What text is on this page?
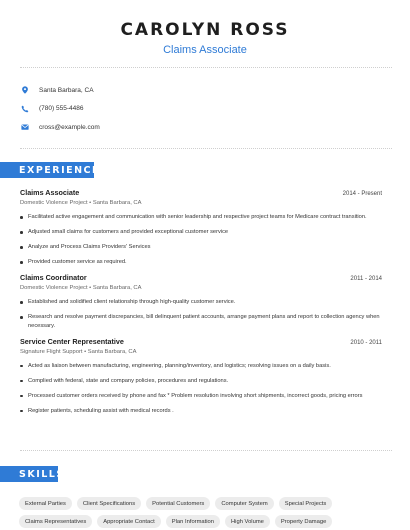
CAROLYN ROSS
Claims Associate
Santa Barbara, CA
(780) 555-4486
cross@example.com
EXPERIENCE
Claims Associate	2014 - Present
Domestic Violence Project • Santa Barbara, CA
Facilitated active engagement and communication with senior leadership and respective project teams for Medicare contract transition.
Adjusted small claims for customers and provided exceptional customer service
Analyze and Process Claims Providers' Services
Provided customer service as required.
Claims Coordinator	2011 - 2014
Domestic Violence Project • Santa Barbara, CA
Established and solidified client relationship through high-quality customer service.
Research and resolve payment discrepancies, bill delinquent patient accounts, arrange payment plans and report to collection agency when necessary.
Service Center Representative	2010 - 2011
Signature Flight Support • Santa Barbara, CA
Acted as liaison between manufacturing, engineering, planning/inventory, and logistics; resolving issues on a daily basis.
Complied with federal, state and company policies, procedures and regulations.
Processed customer orders received by phone and fax * Problem resolution involving short shipments, incorrect goods, pricing errors
Register patients, scheduling assist with medical records .
SKILLS
External Parties	Client Specifications	Potential Customers	Computer System	Special Projects
Claims Representatives	Appropriate Contact	Plan Information	High Volume	Property Damage
